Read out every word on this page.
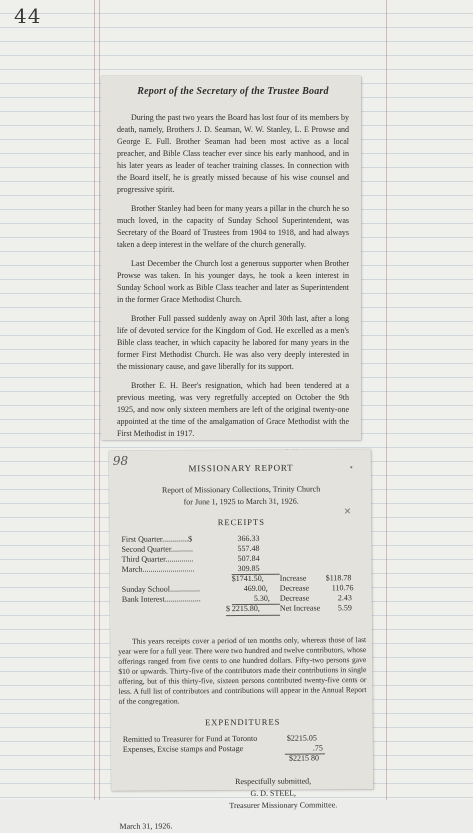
44
Report of the Secretary of the Trustee Board

During the past two years the Board has lost four of its members by death, namely, Brothers J. D. Seaman, W. W. Stanley, L. E Prowse and George E. Full. Brother Seaman had been most active as a local preacher, and Bible Class teacher ever since his early manhood, and in his later years as leader of teacher training classes. In connection with the Board itself, he is greatly missed because of his wise counsel and progressive spirit.

Brother Stanley had been for many years a pillar in the church he so much loved, in the capacity of Sunday School Superintendent, was Secretary of the Board of Trustees from 1904 to 1918, and had always taken a deep interest in the welfare of the church generally.

Last December the Church lost a generous supporter when Brother Prowse was taken. In his younger days, he took a keen interest in Sunday School work as Bible Class teacher and later as Superintendent in the former Grace Methodist Church.

Brother Full passed suddenly away on April 30th last, after a long life of devoted service for the Kingdom of God. He excelled as a men's Bible class teacher, in which capacity he labored for many years in the former First Methodist Church. He was also very deeply interested in the missionary cause, and gave liberally for its support.

Brother E. H. Beer's resignation, which had been tendered at a previous meeting, was very regretfully accepted on October the 9th 1925, and now only sixteen members are left of the original twenty-one appointed at the time of the amalgamation of Grace Methodist with the First Methodist in 1917.

98	•
✕
MISSIONARY REPORT
Report of Missionary Collections, Trinity Church
for June 1, 1925 to March 31, 1926.
RECEIPTS
First Quarter.............$	366.33
Second Quarter...........	557.48
Third Quarter..............	507.84
March..........................	309.85
$1741.50, Increase $118.78
Sunday School...............	469.00, Decrease	110.76
Bank Interest..................	5.30, Decrease	2.43
$ 2215.80, Net Increase 5.59

This years receipts cover a period of ten months only, whereas those of last year were for a full year. There were two hundred and twelve contributors, whose offerings ranged from five cents to one hundred dollars. Fifty-two persons gave $10 or upwards. Thirty-five of the contributors made their contributions in single offering, but of this thirty-five, sixteen persons contributed twenty-five cents or less. A full list of contributors and contributions will appear in the Annual Report of the congregation.

EXPENDITURES
Remitted to Treasurer for Fund at Toronto	$2215.05
Expenses, Excise stamps and Postage	.75
$2215 80
Respectfully submitted,
G. D. STEEL,
Treasurer Missionary Committee.
March 31, 1926.
